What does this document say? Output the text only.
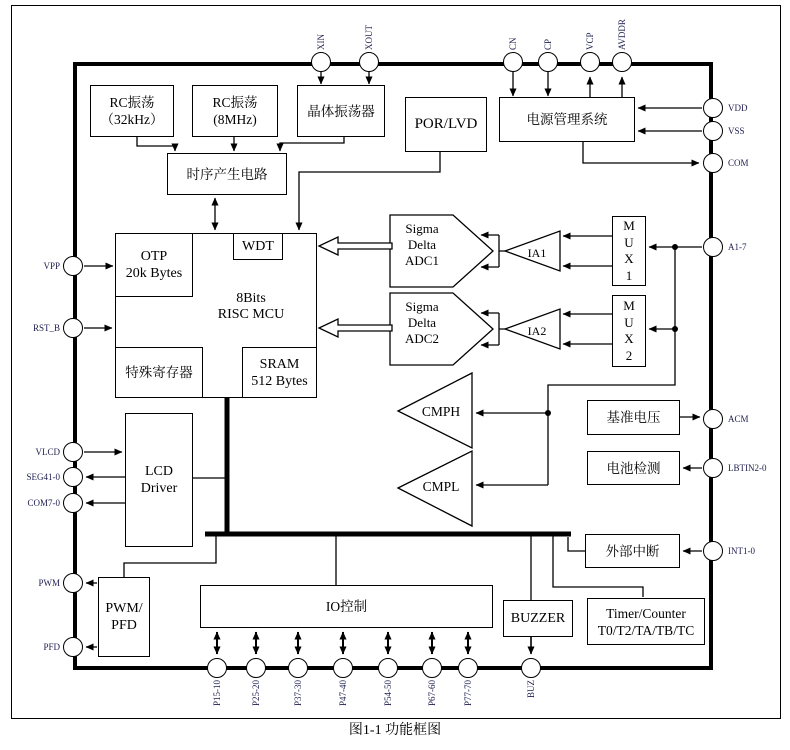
RC振荡
（32kHz）
RC振荡
(8MHz)
晶体振荡器
POR/LVD	电源管理系统
时序产生电路
8Bits
RISC MCU
OTP
20k Bytes
WDT
特殊寄存器
SRAM
512 Bytes
Sigma
Delta
ADC1
Sigma
Delta
ADC2
IA1
IA2
M
U
X
1
M
U
X
2
CMPH
CMPL
基准电压
电池检测
外部中断
LCD
Driver
PWM/
PFD
IO控制
BUZZER	Timer/Counter
T0/T2/TA/TB/TC
XIN	XOUT	CN	CP	VCP AVDDR
VDD
VSS
COM
A1-7
ACM
LBTIN2-0
INT1-0
VPP
RST_B
VLCD
SEG41-0
COM7-0
PWM
PFD
P15-10	P25-20	P37-30	P47-40	P54-50	P67-60	P77-70	BUZ
图1-1 功能框图
